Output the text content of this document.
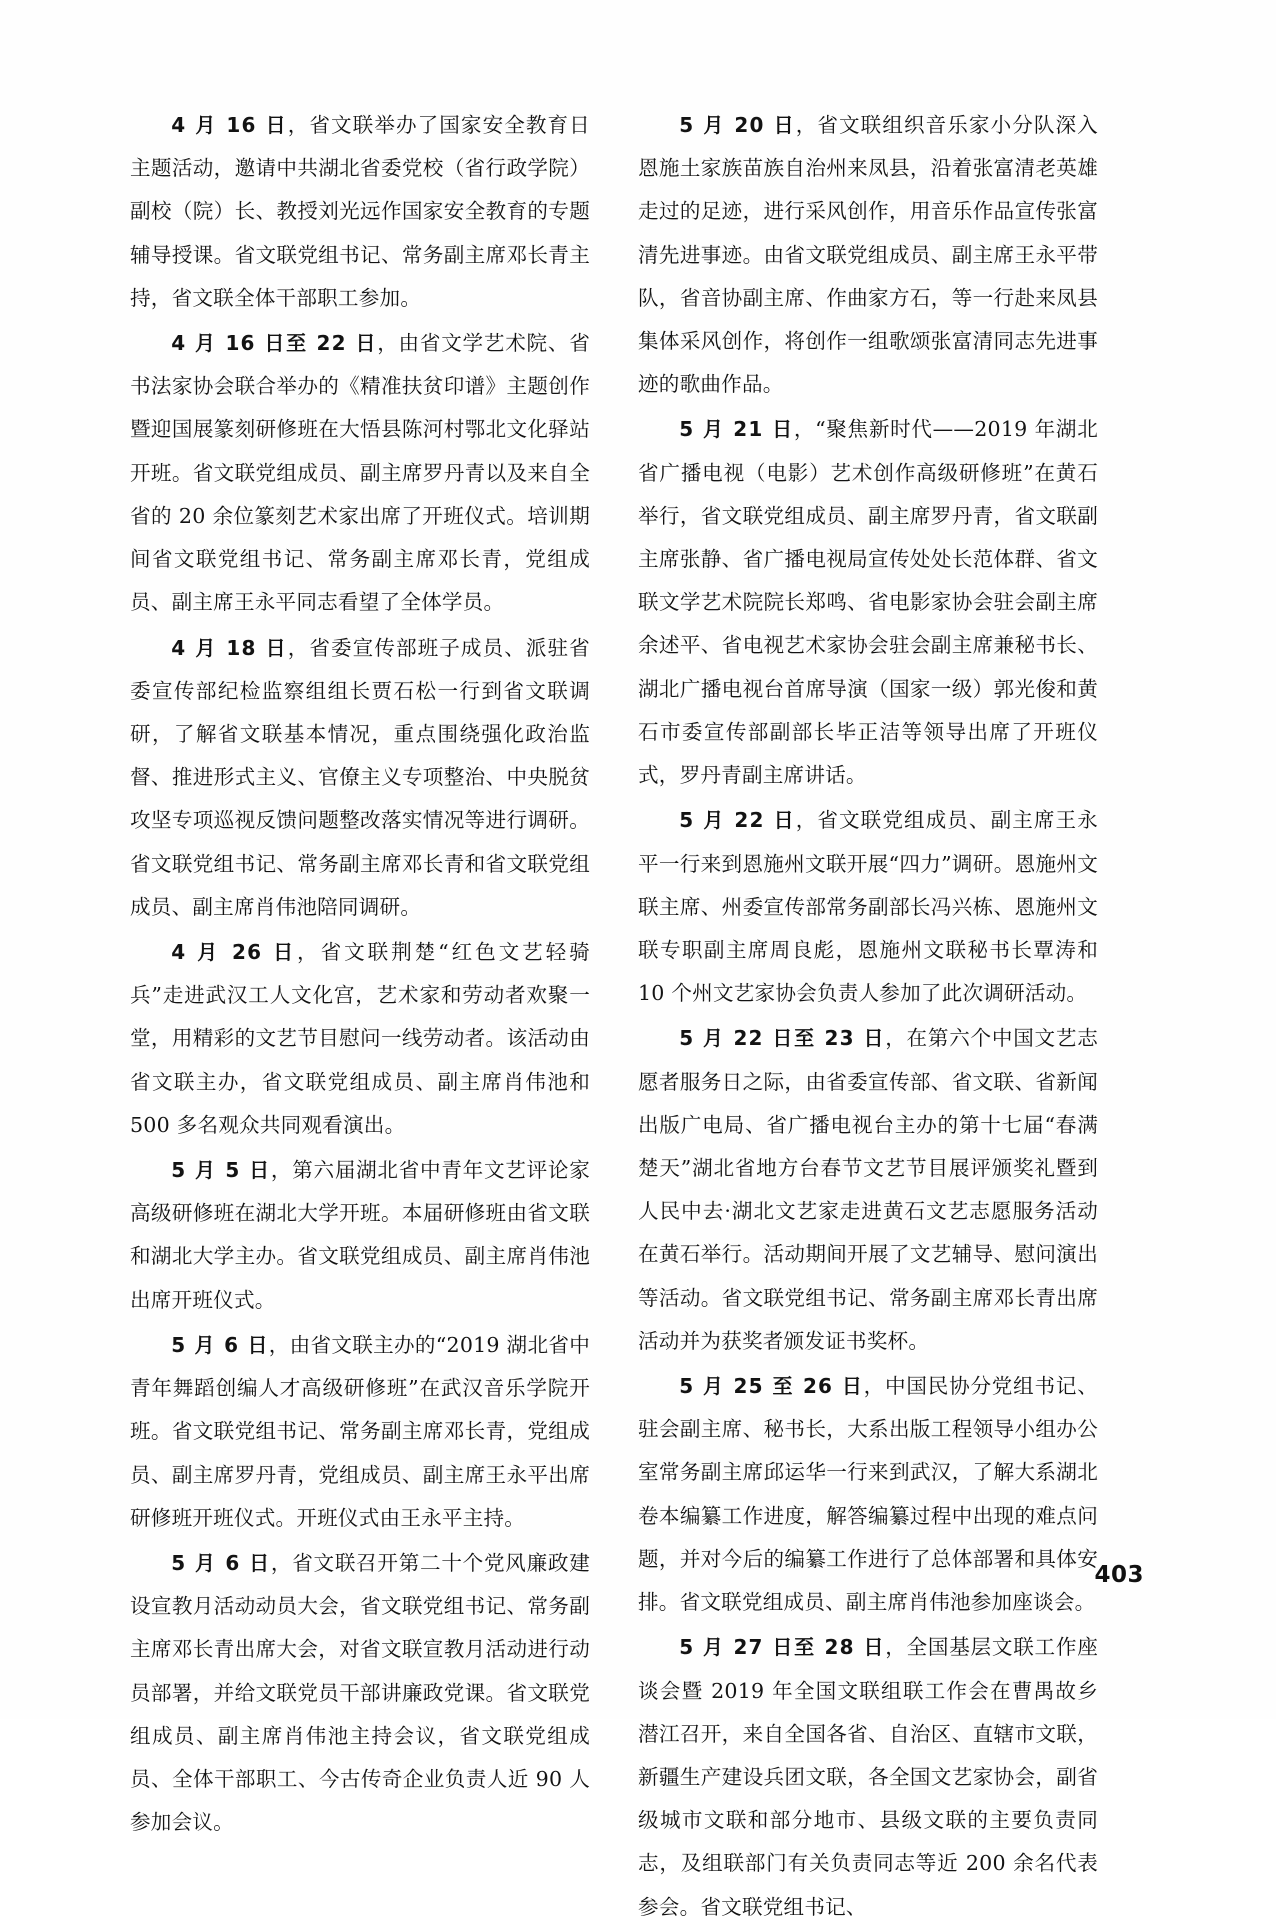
4 月 16 日，省文联举办了国家安全教育日主题活动，邀请中共湖北省委党校（省行政学院）副校（院）长、教授刘光远作国家安全教育的专题辅导授课。省文联党组书记、常务副主席邓长青主持，省文联全体干部职工参加。

4 月 16 日至 22 日，由省文学艺术院、省书法家协会联合举办的《精准扶贫印谱》主题创作暨迎国展篆刻研修班在大悟县陈河村鄂北文化驿站开班。省文联党组成员、副主席罗丹青以及来自全省的 20 余位篆刻艺术家出席了开班仪式。培训期间省文联党组书记、常务副主席邓长青，党组成员、副主席王永平同志看望了全体学员。

4 月 18 日，省委宣传部班子成员、派驻省委宣传部纪检监察组组长贾石松一行到省文联调研，了解省文联基本情况，重点围绕强化政治监督、推进形式主义、官僚主义专项整治、中央脱贫攻坚专项巡视反馈问题整改落实情况等进行调研。省文联党组书记、常务副主席邓长青和省文联党组成员、副主席肖伟池陪同调研。

4 月 26 日，省文联荆楚“红色文艺轻骑兵”走进武汉工人文化宫，艺术家和劳动者欢聚一堂，用精彩的文艺节目慰问一线劳动者。该活动由省文联主办，省文联党组成员、副主席肖伟池和 500 多名观众共同观看演出。

5 月 5 日，第六届湖北省中青年文艺评论家高级研修班在湖北大学开班。本届研修班由省文联和湖北大学主办。省文联党组成员、副主席肖伟池出席开班仪式。

5 月 6 日，由省文联主办的“2019 湖北省中青年舞蹈创编人才高级研修班”在武汉音乐学院开班。省文联党组书记、常务副主席邓长青，党组成员、副主席罗丹青，党组成员、副主席王永平出席研修班开班仪式。开班仪式由王永平主持。

5 月 6 日，省文联召开第二十个党风廉政建设宣教月活动动员大会，省文联党组书记、常务副主席邓长青出席大会，对省文联宣教月活动进行动员部署，并给文联党员干部讲廉政党课。省文联党组成员、副主席肖伟池主持会议，省文联党组成员、全体干部职工、今古传奇企业负责人近 90 人参加会议。

5 月 20 日，省文联组织音乐家小分队深入恩施土家族苗族自治州来凤县，沿着张富清老英雄走过的足迹，进行采风创作，用音乐作品宣传张富清先进事迹。由省文联党组成员、副主席王永平带队，省音协副主席、作曲家方石，等一行赴来凤县集体采风创作，将创作一组歌颂张富清同志先进事迹的歌曲作品。

5 月 21 日，“聚焦新时代——2019 年湖北省广播电视（电影）艺术创作高级研修班”在黄石举行，省文联党组成员、副主席罗丹青，省文联副主席张静、省广播电视局宣传处处长范体群、省文联文学艺术院院长郑鸣、省电影家协会驻会副主席余述平、省电视艺术家协会驻会副主席兼秘书长、湖北广播电视台首席导演（国家一级）郭光俊和黄石市委宣传部副部长毕正洁等领导出席了开班仪式，罗丹青副主席讲话。

5 月 22 日，省文联党组成员、副主席王永平一行来到恩施州文联开展“四力”调研。恩施州文联主席、州委宣传部常务副部长冯兴栋、恩施州文联专职副主席周良彪，恩施州文联秘书长覃涛和 10 个州文艺家协会负责人参加了此次调研活动。

5 月 22 日至 23 日，在第六个中国文艺志愿者服务日之际，由省委宣传部、省文联、省新闻出版广电局、省广播电视台主办的第十七届“春满楚天”湖北省地方台春节文艺节目展评颁奖礼暨到人民中去·湖北文艺家走进黄石文艺志愿服务活动在黄石举行。活动期间开展了文艺辅导、慰问演出等活动。省文联党组书记、常务副主席邓长青出席活动并为获奖者颁发证书奖杯。

5 月 25 至 26 日，中国民协分党组书记、驻会副主席、秘书长，大系出版工程领导小组办公室常务副主席邱运华一行来到武汉，了解大系湖北卷本编纂工作进度，解答编纂过程中出现的难点问题，并对今后的编纂工作进行了总体部署和具体安排。省文联党组成员、副主席肖伟池参加座谈会。

5 月 27 日至 28 日，全国基层文联工作座谈会暨 2019 年全国文联组联工作会在曹禺故乡潜江召开，来自全国各省、自治区、直辖市文联，新疆生产建设兵团文联，各全国文艺家协会，副省级城市文联和部分地市、县级文联的主要负责同志，及组联部门有关负责同志等近 200 余名代表参会。省文联党组书记、

403
